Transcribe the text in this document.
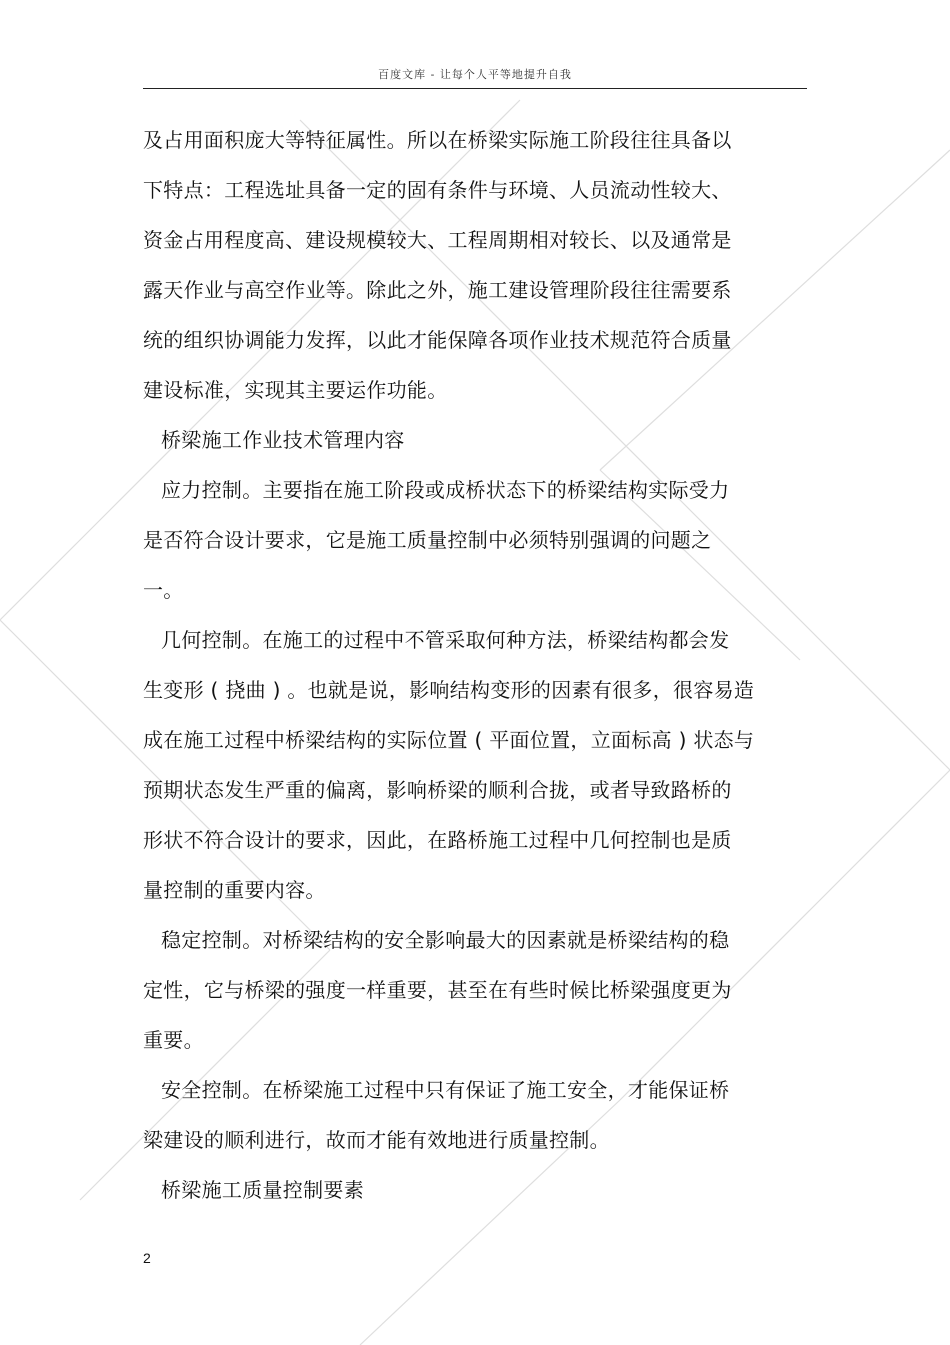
百度文库 - 让每个人平等地提升自我
及占用面积庞大等特征属性。所以在桥梁实际施工阶段往往具备以
下特点：工程选址具备一定的固有条件与环境、人员流动性较大、
资金占用程度高、建设规模较大、工程周期相对较长、以及通常是
露天作业与高空作业等。除此之外，施工建设管理阶段往往需要系
统的组织协调能力发挥，以此才能保障各项作业技术规范符合质量
建设标准，实现其主要运作功能。
桥梁施工作业技术管理内容
应力控制。主要指在施工阶段或成桥状态下的桥梁结构实际受力
是否符合设计要求，它是施工质量控制中必须特别强调的问题之
一。
几何控制。在施工的过程中不管采取何种方法，桥梁结构都会发
生变形 ( 挠曲 ) 。也就是说，影响结构变形的因素有很多，很容易造
成在施工过程中桥梁结构的实际位置 ( 平面位置，立面标高 ) 状态与
预期状态发生严重的偏离，影响桥梁的顺利合拢，或者导致路桥的
形状不符合设计的要求，因此，在路桥施工过程中几何控制也是质
量控制的重要内容。
稳定控制。对桥梁结构的安全影响最大的因素就是桥梁结构的稳
定性，它与桥梁的强度一样重要，甚至在有些时候比桥梁强度更为
重要。
安全控制。在桥梁施工过程中只有保证了施工安全，才能保证桥
梁建设的顺利进行，故而才能有效地进行质量控制。
桥梁施工质量控制要素
2
